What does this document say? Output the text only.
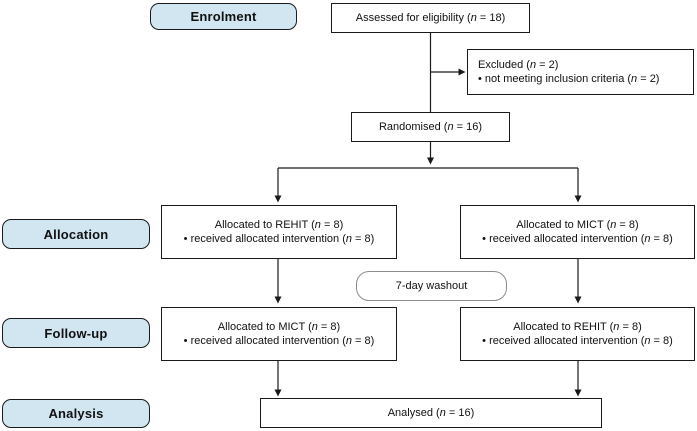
Enrolment
Allocation
Follow-up
Analysis
Assessed for eligibility (n = 18)
Excluded (n = 2)
• not meeting inclusion criteria (n = 2)
Randomised (n = 16)
Allocated to REHIT (n = 8)
• received allocated intervention (n = 8)
Allocated to MICT (n = 8)
• received allocated intervention (n = 8)
7-day washout
Allocated to MICT (n = 8)
• received allocated intervention (n = 8)
Allocated to REHIT (n = 8)
• received allocated intervention (n = 8)
Analysed (n = 16)
